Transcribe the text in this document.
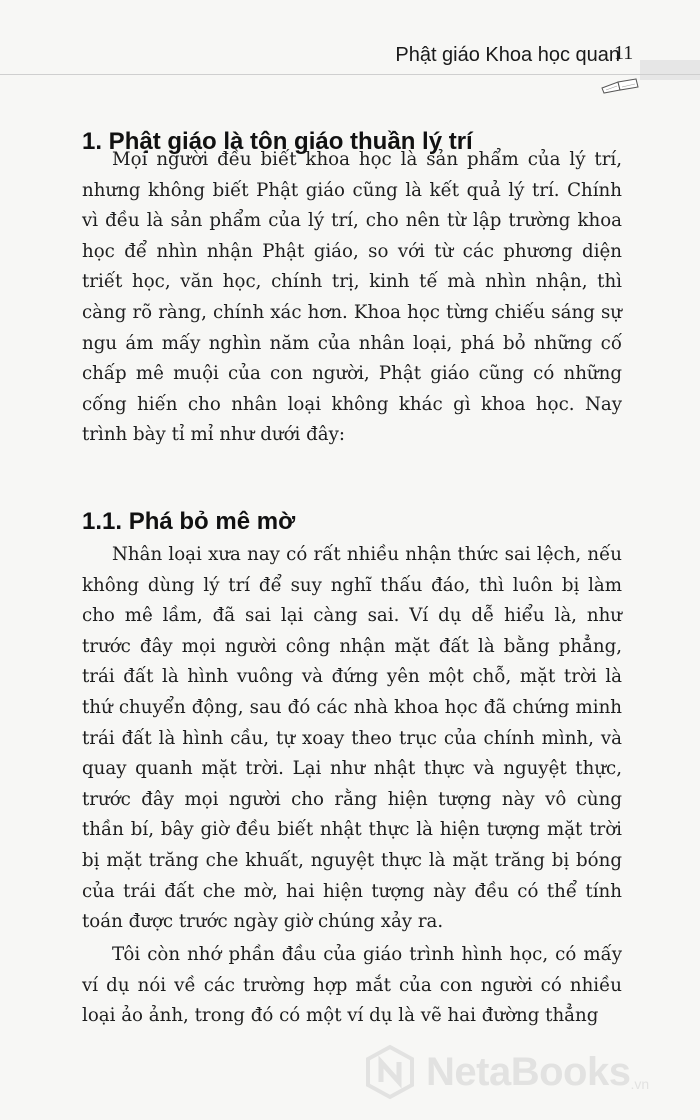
Phật giáo Khoa học quan
11
1. Phật giáo là tôn giáo thuần lý trí

Mọi người đều biết khoa học là sản phẩm của lý trí, nhưng không biết Phật giáo cũng là kết quả lý trí. Chính vì đều là sản phẩm của lý trí, cho nên từ lập trường khoa học để nhìn nhận Phật giáo, so với từ các phương diện triết học, văn học, chính trị, kinh tế mà nhìn nhận, thì càng rõ ràng, chính xác hơn. Khoa học từng chiếu sáng sự ngu ám mấy nghìn năm của nhân loại, phá bỏ những cố chấp mê muội của con người, Phật giáo cũng có những cống hiến cho nhân loại không khác gì khoa học. Nay trình bày tỉ mỉ như dưới đây:

1.1. Phá bỏ mê mờ

Nhân loại xưa nay có rất nhiều nhận thức sai lệch, nếu không dùng lý trí để suy nghĩ thấu đáo, thì luôn bị làm cho mê lầm, đã sai lại càng sai. Ví dụ dễ hiểu là, như trước đây mọi người công nhận mặt đất là bằng phẳng, trái đất là hình vuông và đứng yên một chỗ, mặt trời là thứ chuyển động, sau đó các nhà khoa học đã chứng minh trái đất là hình cầu, tự xoay theo trục của chính mình, và quay quanh mặt trời. Lại như nhật thực và nguyệt thực, trước đây mọi người cho rằng hiện tượng này vô cùng thần bí, bây giờ đều biết nhật thực là hiện tượng mặt trời bị mặt trăng che khuất, nguyệt thực là mặt trăng bị bóng của trái đất che mờ, hai hiện tượng này đều có thể tính toán được trước ngày giờ chúng xảy ra.

Tôi còn nhớ phần đầu của giáo trình hình học, có mấy ví dụ nói về các trường hợp mắt của con người có nhiều loại ảo ảnh, trong đó có một ví dụ là vẽ hai đường thẳng

NetaBooks .vn
